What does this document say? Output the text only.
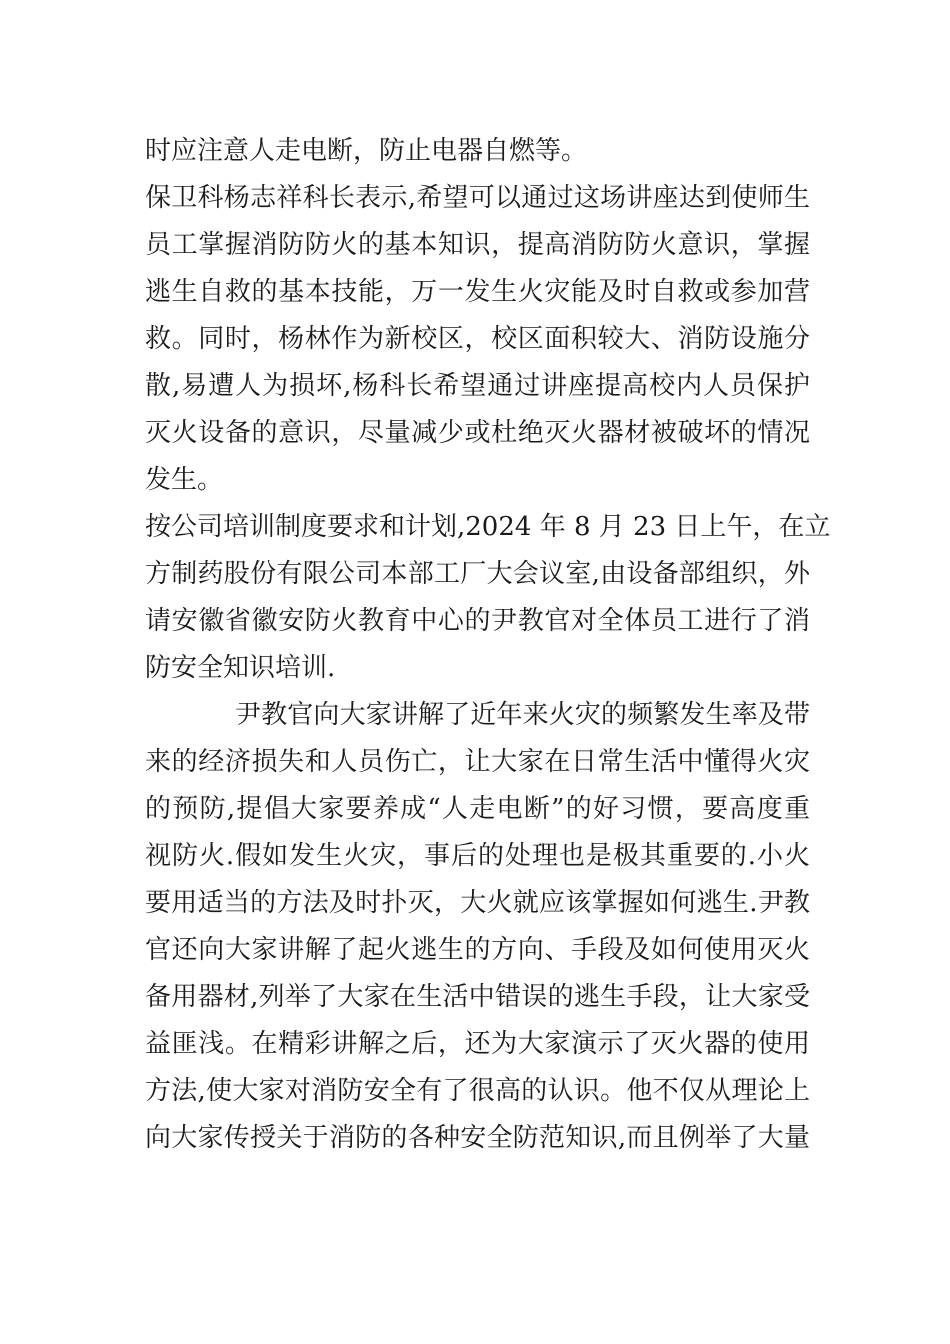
时应注意人走电断，防止电器自燃等。
保卫科杨志祥科长表示,希望可以通过这场讲座达到使师生
员工掌握消防防火的基本知识，提高消防防火意识，掌握
逃生自救的基本技能，万一发生火灾能及时自救或参加营
救。同时，杨林作为新校区，校区面积较大、消防设施分
散,易遭人为损坏,杨科长希望通过讲座提高校内人员保护
灭火设备的意识，尽量减少或杜绝灭火器材被破坏的情况
发生。
按公司培训制度要求和计划,2024 年 8 月 23 日上午，在立
方制药股份有限公司本部工厂大会议室,由设备部组织，外
请安徽省徽安防火教育中心的尹教官对全体员工进行了消
防安全知识培训.
尹教官向大家讲解了近年来火灾的频繁发生率及带
来的经济损失和人员伤亡，让大家在日常生活中懂得火灾
的预防,提倡大家要养成“人走电断”的好习惯，要高度重
视防火.假如发生火灾，事后的处理也是极其重要的.小火
要用适当的方法及时扑灭，大火就应该掌握如何逃生.尹教
官还向大家讲解了起火逃生的方向、手段及如何使用灭火
备用器材,列举了大家在生活中错误的逃生手段，让大家受
益匪浅。在精彩讲解之后，还为大家演示了灭火器的使用
方法,使大家对消防安全有了很高的认识。他不仅从理论上
向大家传授关于消防的各种安全防范知识,而且例举了大量
